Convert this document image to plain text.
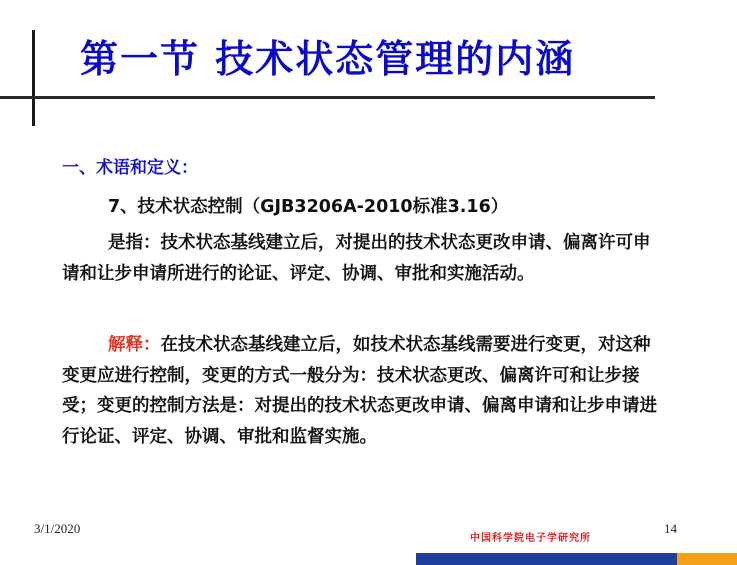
第一节 技术状态管理的内涵
一、术语和定义：
7、技术状态控制（GJB3206A-2010标准3.16）
是指：技术状态基线建立后，对提出的技术状态更改申请、偏离许可申请和让步申请所进行的论证、评定、协调、审批和实施活动。
解释：在技术状态基线建立后，如技术状态基线需要进行变更，对这种变更应进行控制，变更的方式一般分为：技术状态更改、偏离许可和让步接受；变更的控制方法是：对提出的技术状态更改申请、偏离申请和让步申请进行论证、评定、协调、审批和监督实施。
3/1/2020
中国科学院电子学研究所
14
